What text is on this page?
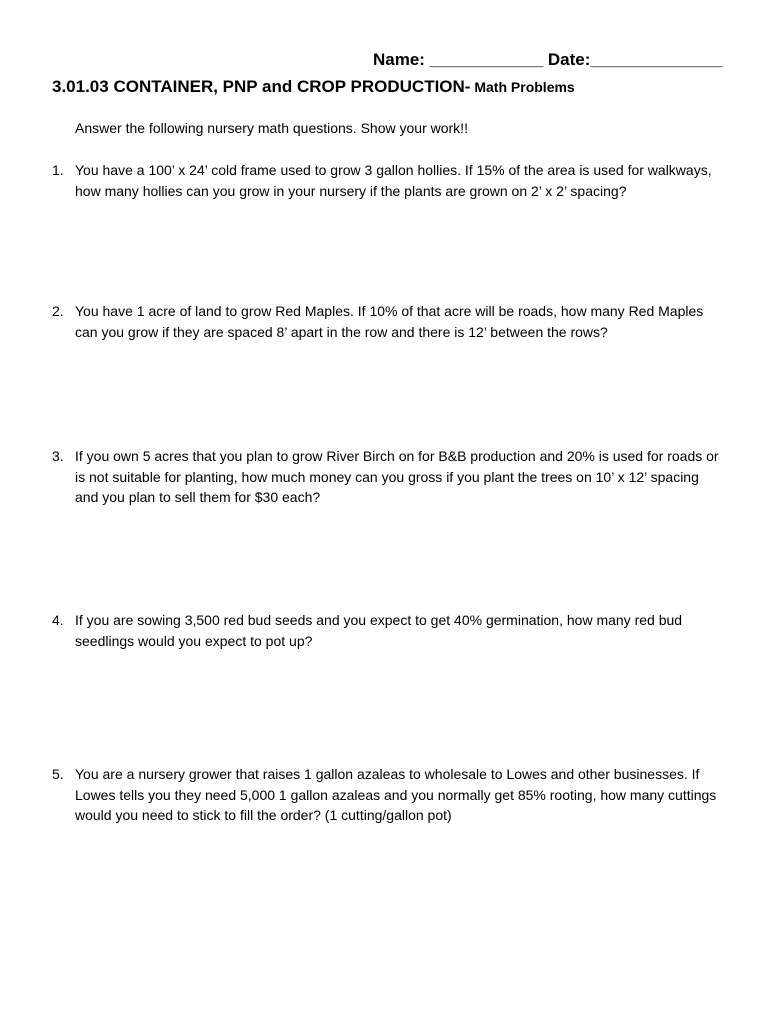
Name: ____________ Date:______________
3.01.03 CONTAINER, PNP and CROP PRODUCTION- Math Problems
Answer the following nursery math questions. Show your work!!
1. You have a 100’ x 24’ cold frame used to grow 3 gallon hollies. If 15% of the area is used for walkways, how many hollies can you grow in your nursery if the plants are grown on 2’ x 2’ spacing?
2. You have 1 acre of land to grow Red Maples. If 10% of that acre will be roads, how many Red Maples can you grow if they are spaced 8’ apart in the row and there is 12’ between the rows?
3. If you own 5 acres that you plan to grow River Birch on for B&B production and 20% is used for roads or is not suitable for planting, how much money can you gross if you plant the trees on 10’ x 12’ spacing and you plan to sell them for $30 each?
4. If you are sowing 3,500 red bud seeds and you expect to get 40% germination, how many red bud seedlings would you expect to pot up?
5. You are a nursery grower that raises 1 gallon azaleas to wholesale to Lowes and other businesses. If Lowes tells you they need 5,000 1 gallon azaleas and you normally get 85% rooting, how many cuttings would you need to stick to fill the order? (1 cutting/gallon pot)
